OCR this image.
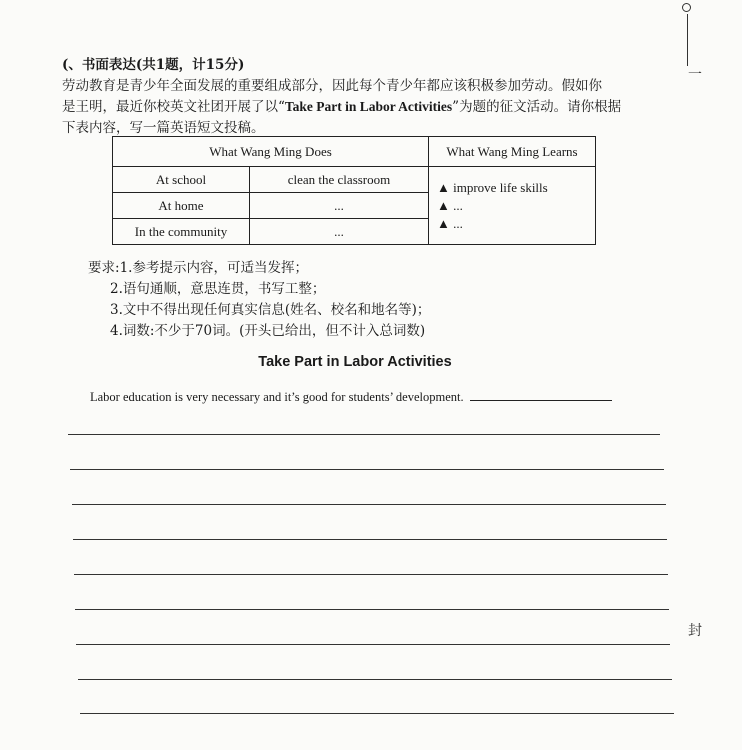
一
封
(、书面表达(共1题，计15分)
劳动教育是青少年全面发展的重要组成部分，因此每个青少年都应该积极参加劳动。假如你
是王明，最近你校英文社团开展了以“Take Part in Labor Activities”为题的征文活动。请你根据
下表内容，写一篇英语短文投稿。
What Wang Ming Does		What Wang Ming Learns
At school	clean the classroom	▲ improve life skills
▲ ...
▲ ...

At home	...	
In the community	...	
要求:1.参考提示内容，可适当发挥；
2.语句通顺，意思连贯，书写工整；
3.文中不得出现任何真实信息(姓名、校名和地名等)；
4.词数:不少于70词。(开头已给出，但不计入总词数)
Take Part in Labor Activities
Labor education is very necessary and it’s good for students’ development.
